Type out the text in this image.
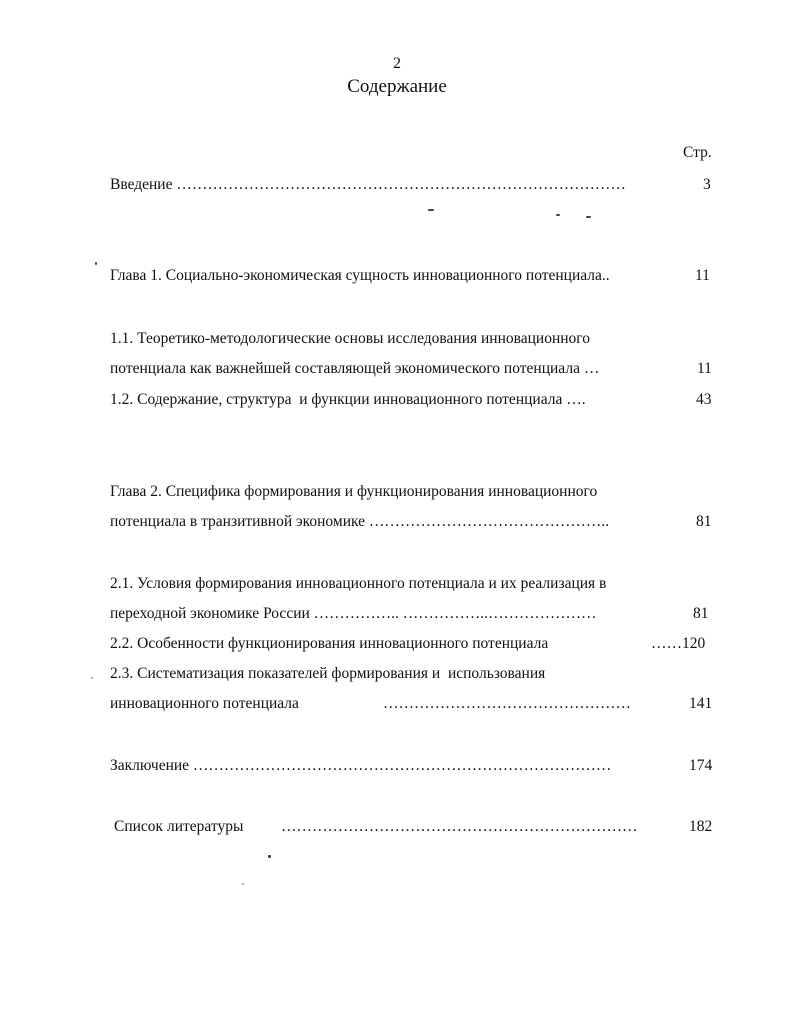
2
Содержание
Стр.
Введение ……………………………………………………………………………	3
Глава 1. Социально-экономическая сущность инновационного потенциала..	11
1.1. Теоретико-методологические основы исследования инновационного
потенциала как важнейшей составляющей экономического потенциала …	11
1.2. Содержание, структура  и функции инновационного потенциала ….	43
Глава 2. Специфика формирования и функционирования инновационного
потенциала в транзитивной экономике ………………………………………..	81
2.1. Условия формирования инновационного потенциала и их реализация в
переходной экономике России …………….. ……………..…………………	81
2.2. Особенности функционирования инновационного потенциала	……120
2.3. Систематизация показателей формирования и  использования
инновационного потенциала	…………………………………………	141
Заключение ………………………………………………………………………	174
Список литературы ……………………………………………………………	182
